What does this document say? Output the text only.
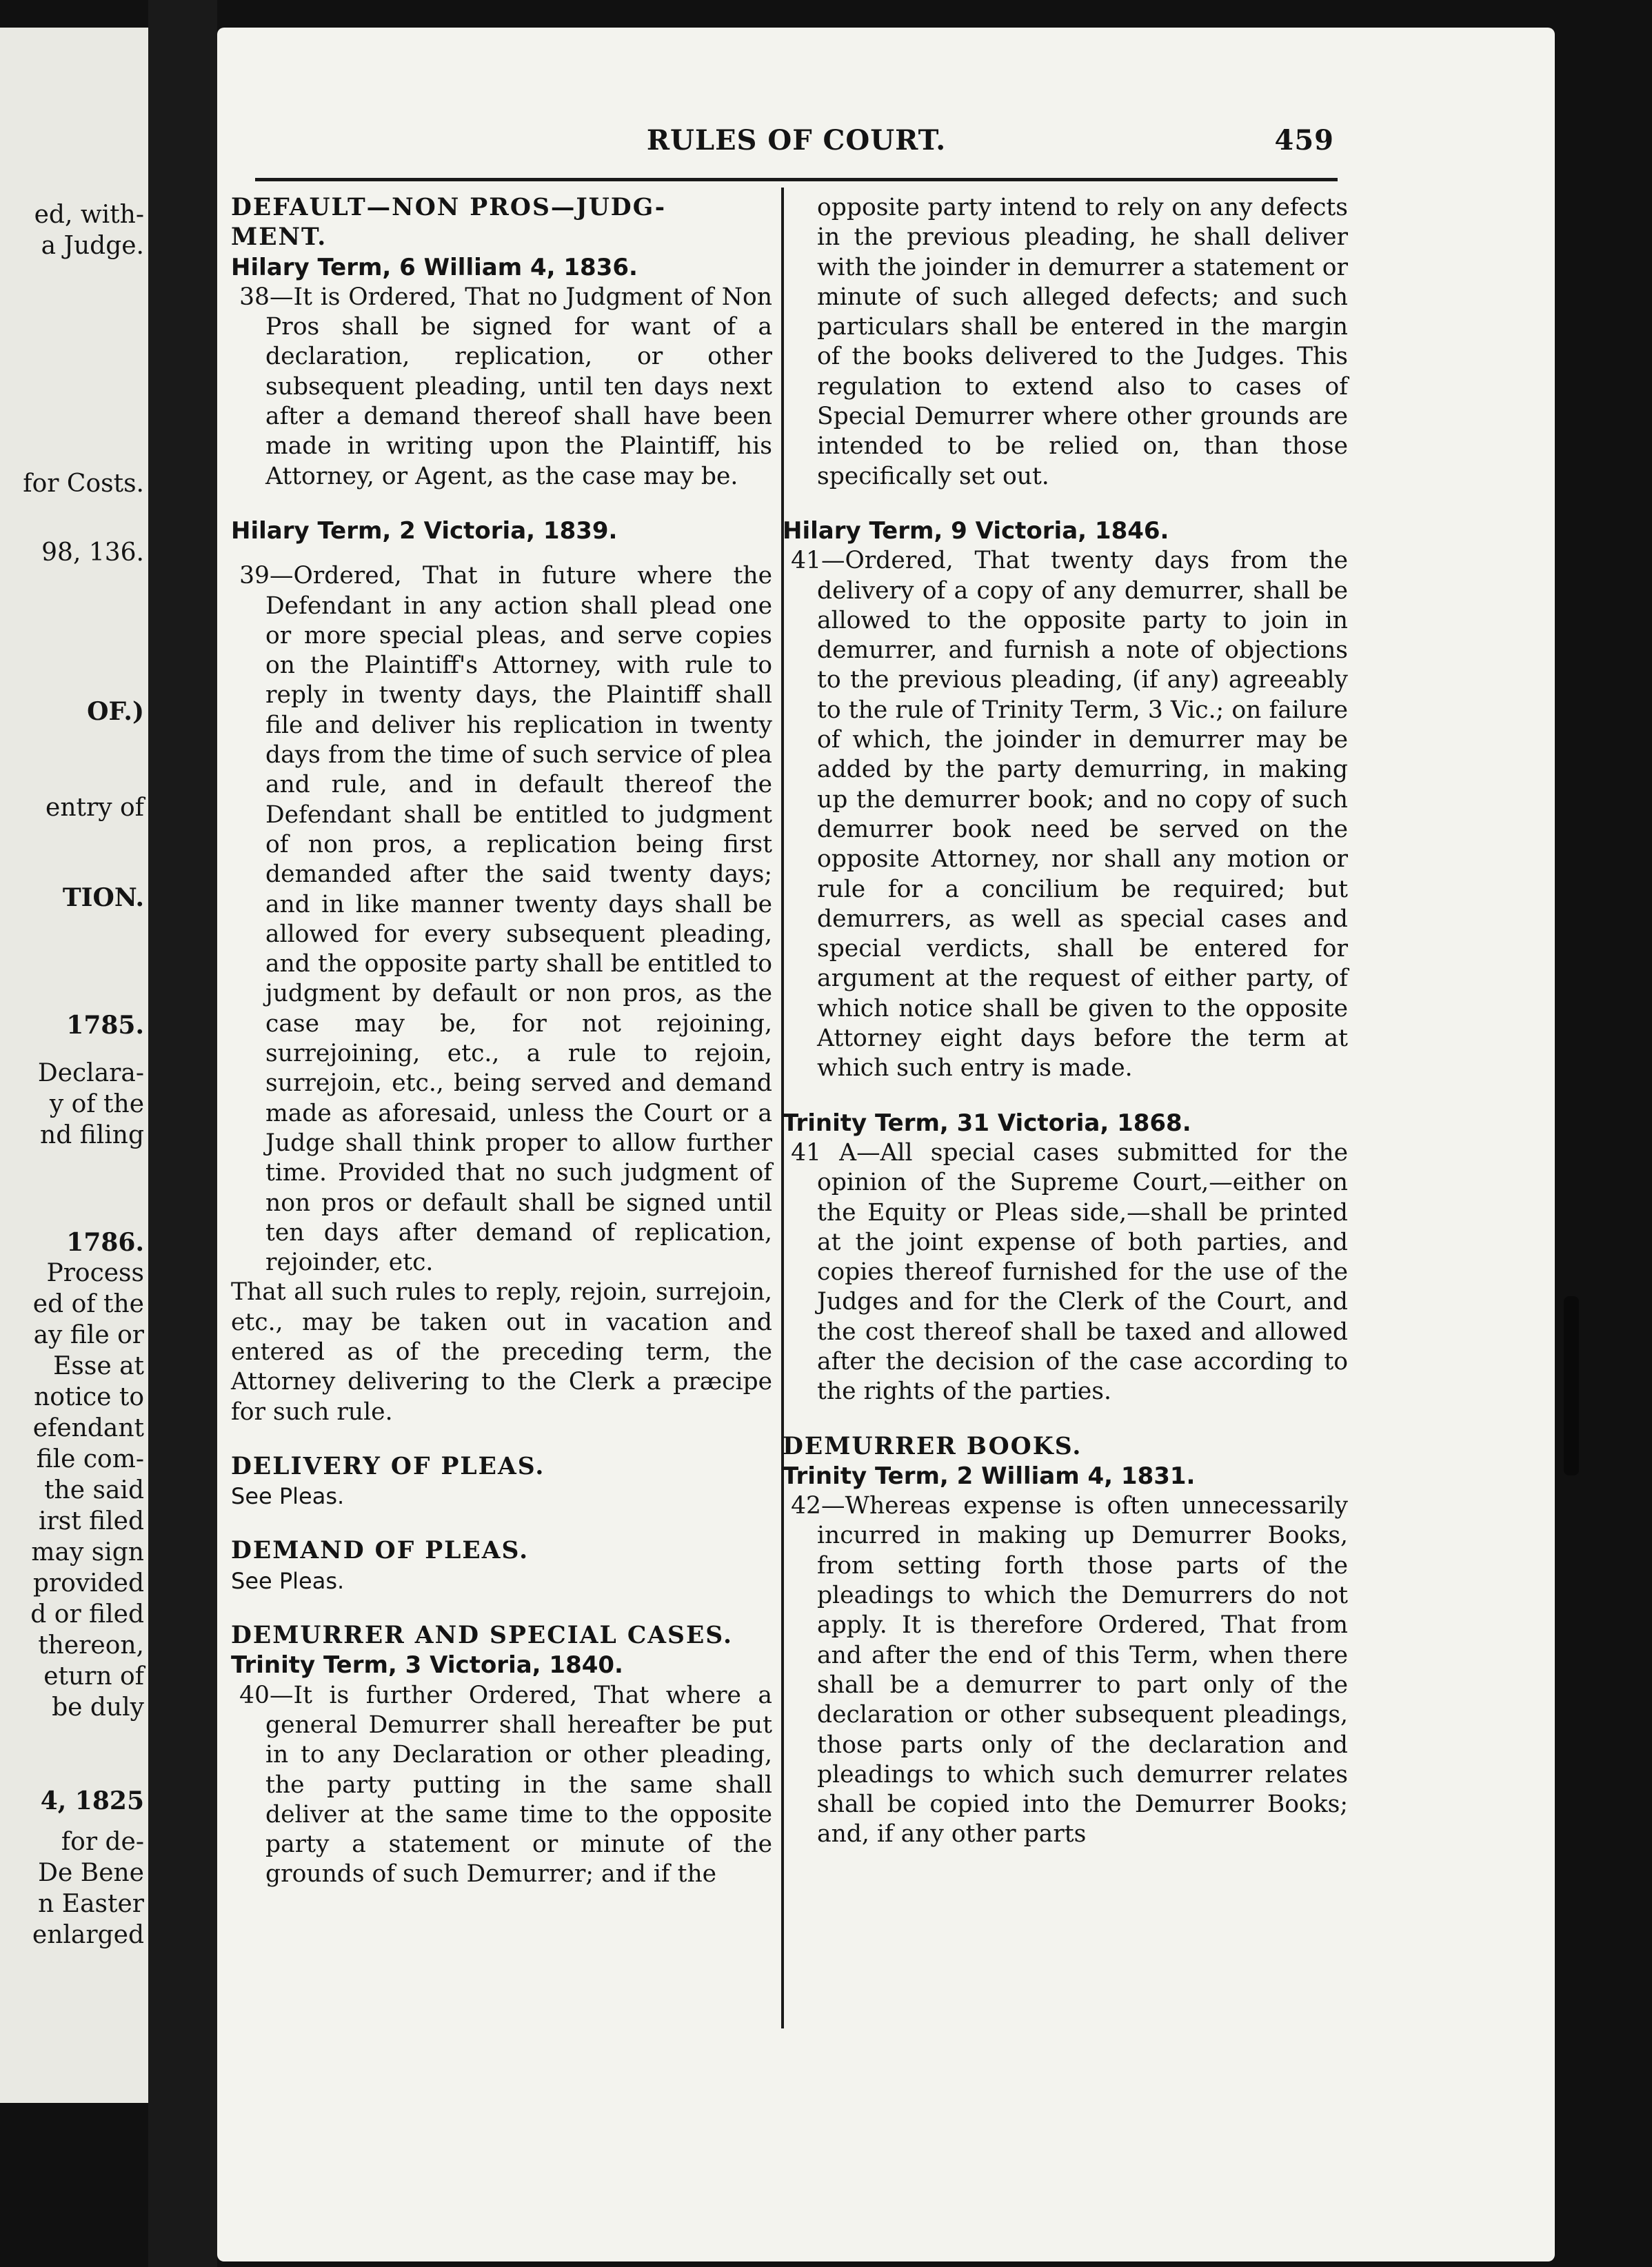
ed, with-
a Judge.
for Costs.
98, 136.
OF.)
entry of
TION.
1785.
Declara-
y of the
nd filing
1786.
Process
ed of the
ay file or
Esse at
notice to
efendant
file com-
the said
irst filed
may sign
provided
d or filed
thereon,
eturn of
be duly
4, 1825
for de-
De Bene
n Easter
enlarged
RULES OF COURT.	459

DEFAULT—NON PROS—JUDG-

MENT.

Hilary Term, 6 William 4, 1836.

38—It is Ordered, That no Judgment of Non Pros shall be signed for want of a declaration, replication, or other subsequent pleading, until ten days next after a demand thereof shall have been made in writing upon the Plaintiff, his Attorney, or Agent, as the case may be.

Hilary Term, 2 Victoria, 1839.

39—Ordered, That in future where the Defendant in any action shall plead one or more special pleas, and serve copies on the Plaintiff's Attorney, with rule to reply in twenty days, the Plaintiff shall file and deliver his replication in twenty days from the time of such service of plea and rule, and in default thereof the Defendant shall be entitled to judgment of non pros, a replication being first demanded after the said twenty days; and in like manner twenty days shall be allowed for every subsequent pleading, and the opposite party shall be entitled to judgment by default or non pros, as the case may be, for not rejoining, surrejoining, etc., a rule to rejoin, surrejoin, etc., being served and demand made as aforesaid, unless the Court or a Judge shall think proper to allow further time. Provided that no such judgment of non pros or default shall be signed until ten days after demand of replication, rejoinder, etc.

That all such rules to reply, rejoin, surrejoin, etc., may be taken out in vacation and entered as of the preceding term, the Attorney delivering to the Clerk a præcipe for such rule.

DELIVERY OF PLEAS.

See Pleas.

DEMAND OF PLEAS.

See Pleas.

DEMURRER AND SPECIAL CASES.

Trinity Term, 3 Victoria, 1840.

40—It is further Ordered, That where a general Demurrer shall hereafter be put in to any Declaration or other pleading, the party putting in the same shall deliver at the same time to the opposite party a statement or minute of the grounds of such Demurrer; and if the

opposite party intend to rely on any defects in the previous pleading, he shall deliver with the joinder in demurrer a statement or minute of such alleged defects; and such particulars shall be entered in the margin of the books delivered to the Judges. This regulation to extend also to cases of Special Demurrer where other grounds are intended to be relied on, than those specifically set out.

Hilary Term, 9 Victoria, 1846.

41—Ordered, That twenty days from the delivery of a copy of any demurrer, shall be allowed to the opposite party to join in demurrer, and furnish a note of objections to the previous pleading, (if any) agreeably to the rule of Trinity Term, 3 Vic.; on failure of which, the joinder in demurrer may be added by the party demurring, in making up the demurrer book; and no copy of such demurrer book need be served on the opposite Attorney, nor shall any motion or rule for a concilium be required; but demurrers, as well as special cases and special verdicts, shall be entered for argument at the request of either party, of which notice shall be given to the opposite Attorney eight days before the term at which such entry is made.

Trinity Term, 31 Victoria, 1868.

41 A—All special cases submitted for the opinion of the Supreme Court,—either on the Equity or Pleas side,—shall be printed at the joint expense of both parties, and copies thereof furnished for the use of the Judges and for the Clerk of the Court, and the cost thereof shall be taxed and allowed after the decision of the case according to the rights of the parties.

DEMURRER BOOKS.

Trinity Term, 2 William 4, 1831.

42—Whereas expense is often unnecessarily incurred in making up Demurrer Books, from setting forth those parts of the pleadings to which the Demurrers do not apply. It is therefore Ordered, That from and after the end of this Term, when there shall be a demurrer to part only of the declaration or other subsequent pleadings, those parts only of the declaration and pleadings to which such demurrer relates shall be copied into the Demurrer Books; and, if any other parts
